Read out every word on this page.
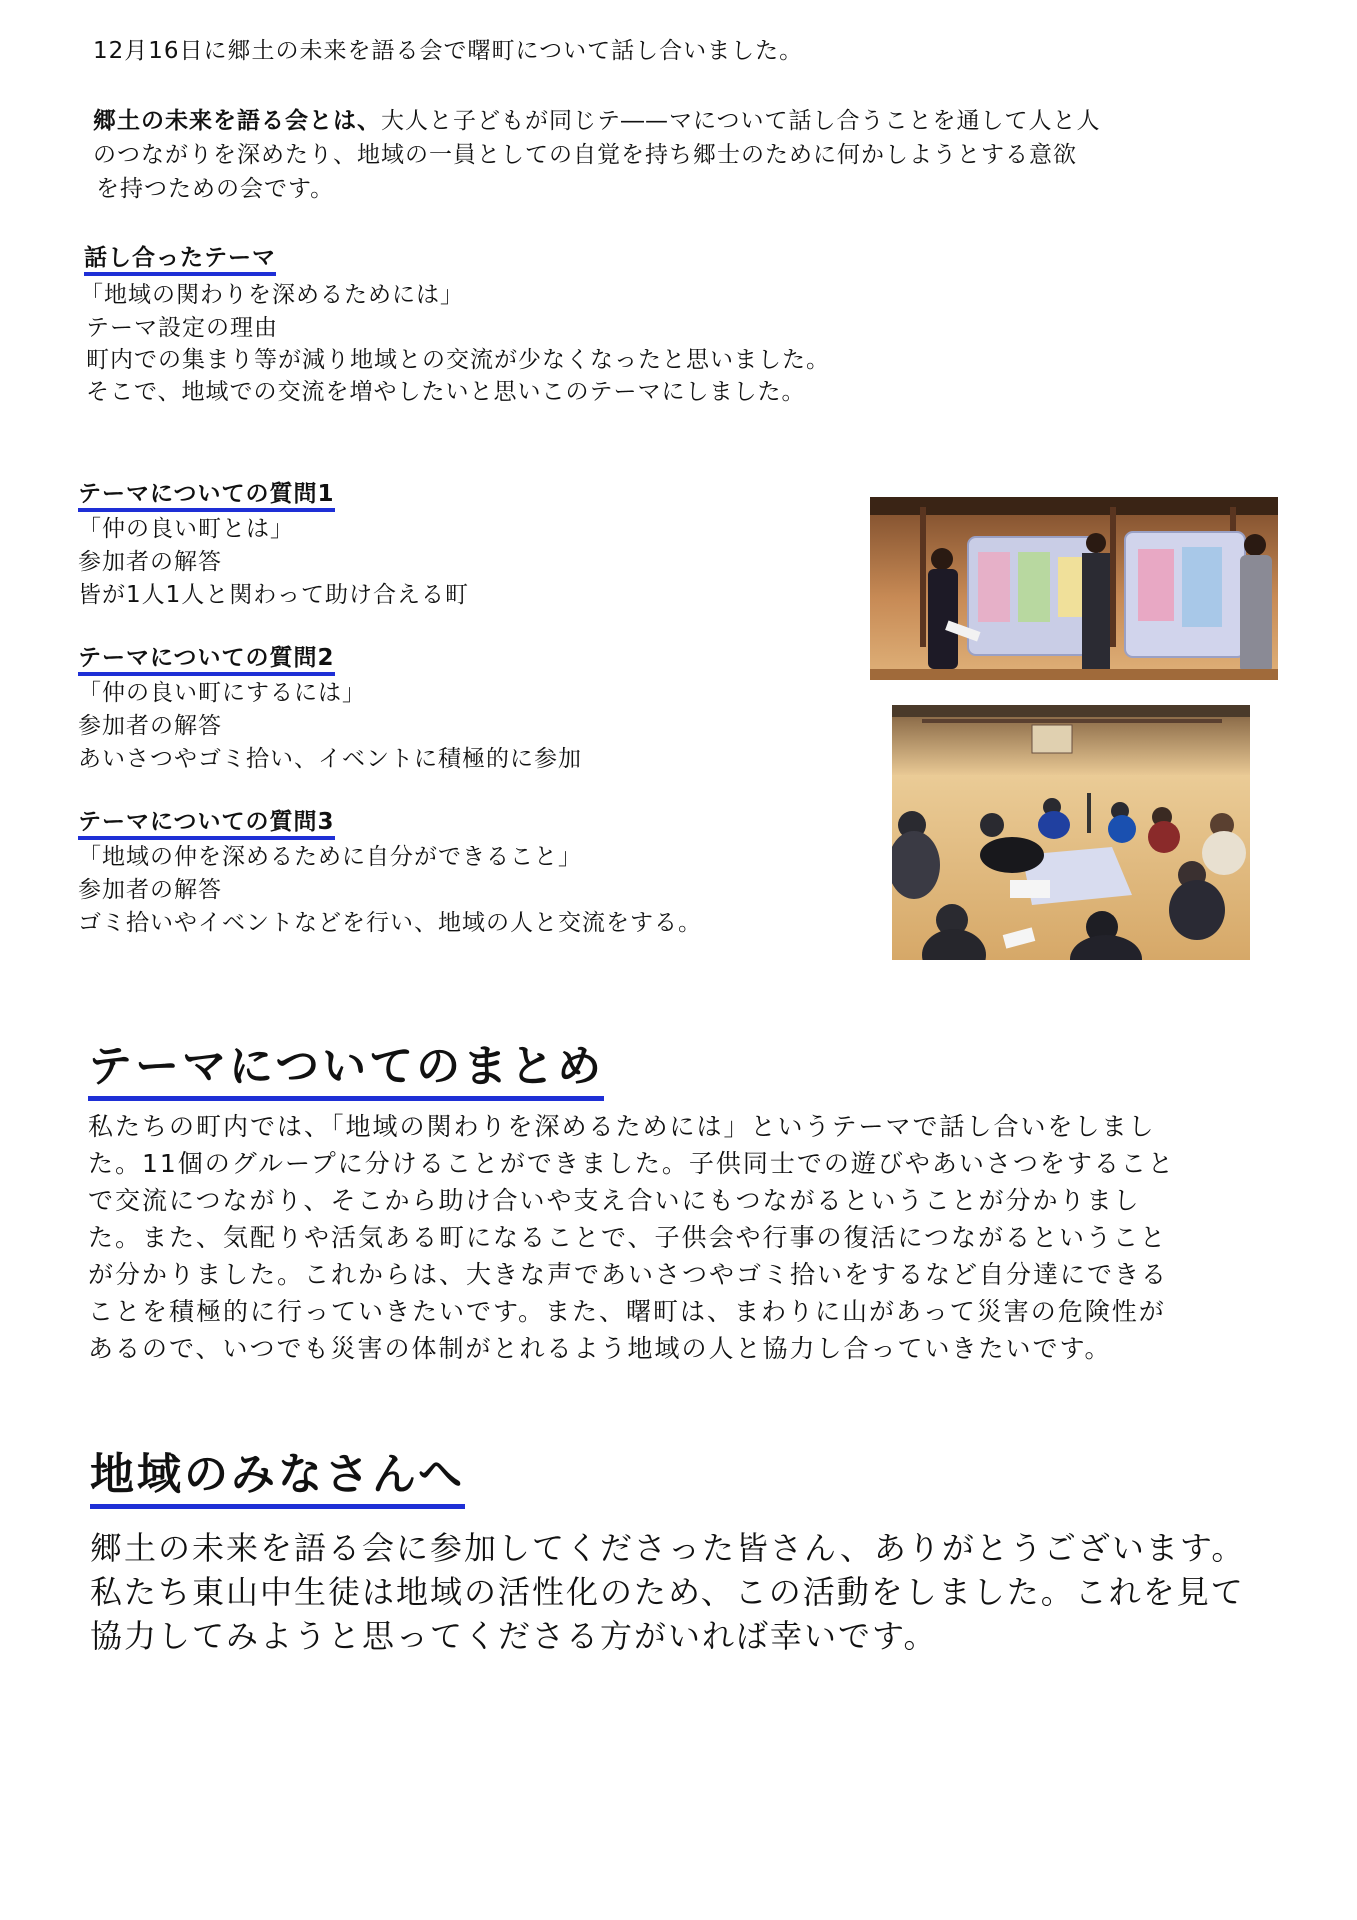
12月16日に郷土の未来を語る会で曙町について話し合いました。
郷土の未来を語る会とは、大人と子どもが同じテ―—マについて話し合うことを通して人と人
のつながりを深めたり、地域の一員としての自覚を持ち郷士のために何かしようとする意欲
を持つための会です。
話し合ったテーマ
「地域の関わりを深めるためには」
テーマ設定の理由
町内での集まり等が減り地域との交流が少なくなったと思いました。
そこで、地域での交流を増やしたいと思いこのテーマにしました。
テーマについての質問1
「仲の良い町とは」
参加者の解答
皆が1人1人と関わって助け合える町
テーマについての質問2
「仲の良い町にするには」
参加者の解答
あいさつやゴミ拾い、イベントに積極的に参加
テーマについての質問3
「地域の仲を深めるために自分ができること」
参加者の解答
ゴミ拾いやイベントなどを行い、地域の人と交流をする。
テーマについてのまとめ
私たちの町内では、「地域の関わりを深めるためには」というテーマで話し合いをしまし
た。11個のグループに分けることができました。子供同士での遊びやあいさつをすること
で交流につながり、そこから助け合いや支え合いにもつながるということが分かりまし
た。また、気配りや活気ある町になることで、子供会や行事の復活につながるということ
が分かりました。これからは、大きな声であいさつやゴミ拾いをするなど自分達にできる
ことを積極的に行っていきたいです。また、曙町は、まわりに山があって災害の危険性が
あるので、いつでも災害の体制がとれるよう地域の人と協力し合っていきたいです。
地域のみなさんへ
郷土の未来を語る会に参加してくださった皆さん、ありがとうございます。
私たち東山中生徒は地域の活性化のため、この活動をしました。これを見て
協力してみようと思ってくださる方がいれば幸いです。
